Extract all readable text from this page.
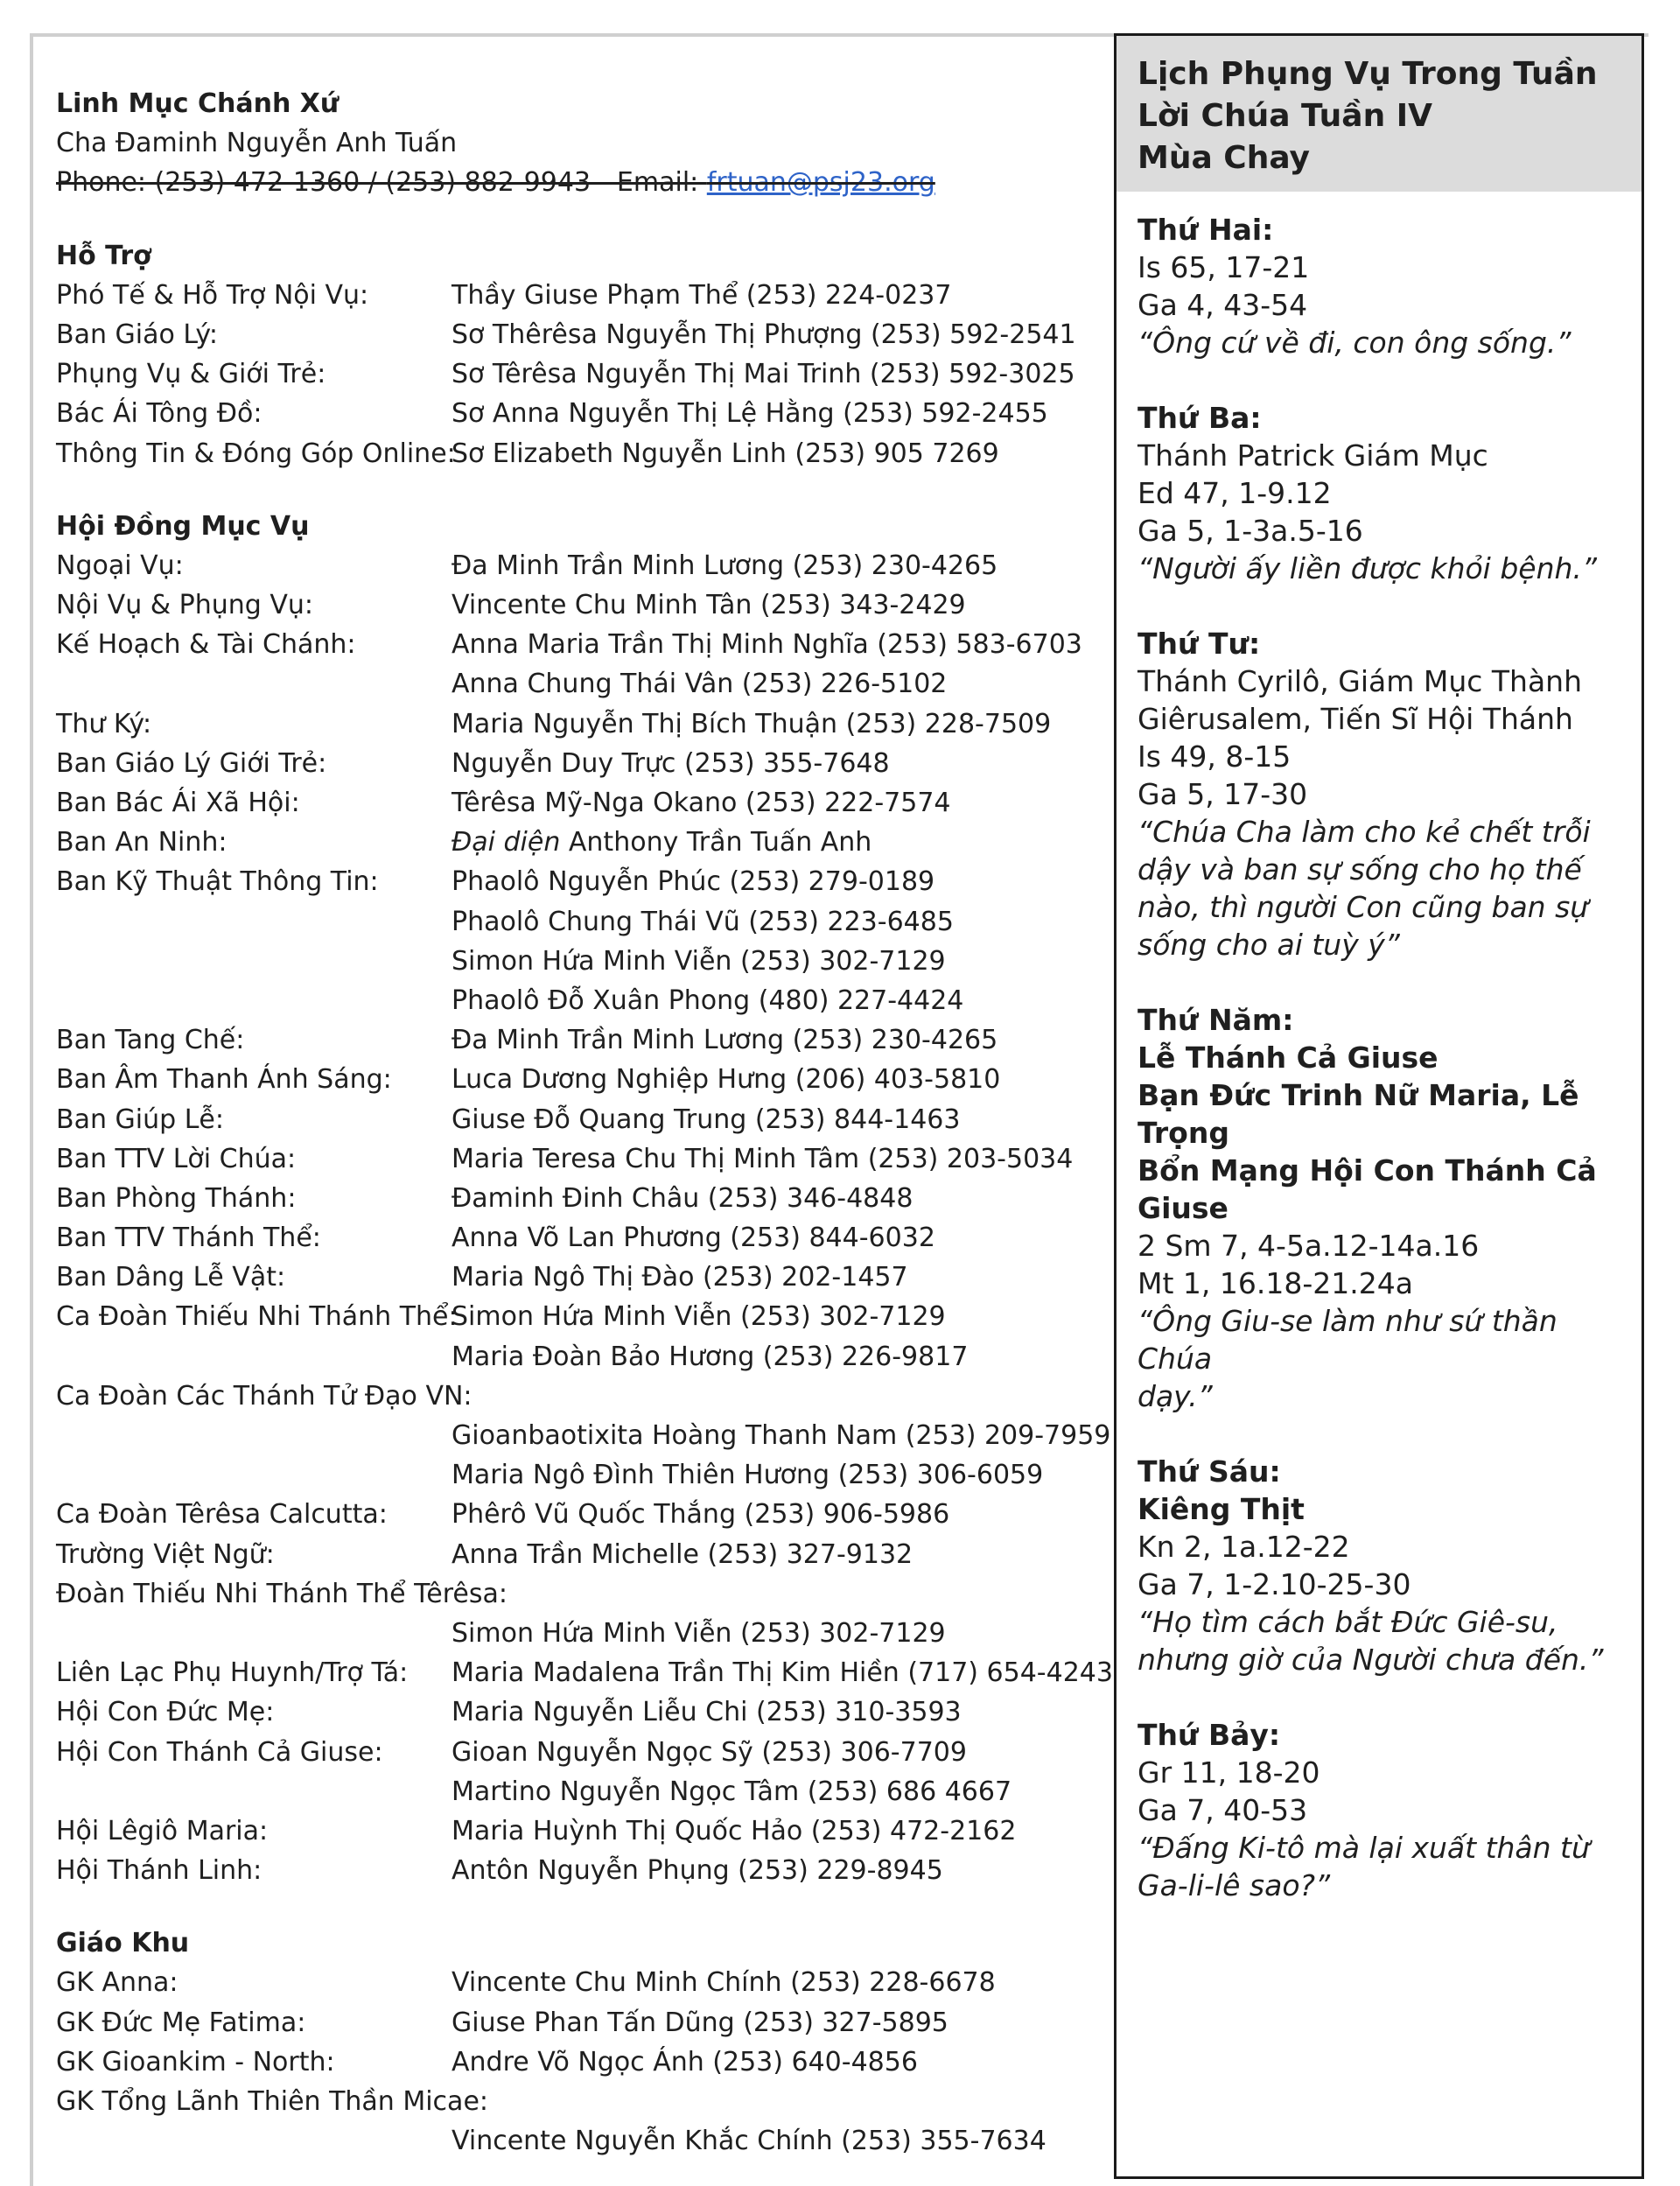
Linh Mục Chánh Xứ
Cha Đaminh Nguyễn Anh Tuấn
Phone: (253) 472-1360 / (253) 882-9943 - Email: frtuan@psj23.org
Hỗ Trợ
Phó Tế & Hỗ Trợ Nội Vụ:	Thầy Giuse Phạm Thể (253) 224-0237
Ban Giáo Lý:	Sơ Thêrêsa Nguyễn Thị Phượng (253) 592-2541
Phụng Vụ & Giới Trẻ:	Sơ Têrêsa Nguyễn Thị Mai Trinh (253) 592-3025
Bác Ái Tông Đồ:	Sơ Anna Nguyễn Thị Lệ Hằng (253) 592-2455
Thông Tin & Đóng Góp Online:
Sơ Elizabeth Nguyễn Linh (253) 905 7269
Hội Đồng Mục Vụ
Ngoại Vụ:	Đa Minh Trần Minh Lương (253) 230-4265
Nội Vụ & Phụng Vụ:	Vincente Chu Minh Tân (253) 343-2429
Kế Hoạch & Tài Chánh:	Anna Maria Trần Thị Minh Nghĩa (253) 583-6703
Anna Chung Thái Vân (253) 226-5102
Thư Ký:	Maria Nguyễn Thị Bích Thuận (253) 228-7509
Ban Giáo Lý Giới Trẻ:	Nguyễn Duy Trực (253) 355-7648
Ban Bác Ái Xã Hội:	Têrêsa Mỹ-Nga Okano (253) 222-7574
Ban An Ninh:	Đại diện Anthony Trần Tuấn Anh
Ban Kỹ Thuật Thông Tin:	Phaolô Nguyễn Phúc (253) 279-0189
Phaolô Chung Thái Vũ (253) 223-6485
Simon Hứa Minh Viễn (253) 302-7129
Phaolô Đỗ Xuân Phong (480) 227-4424
Ban Tang Chế:	Đa Minh Trần Minh Lương (253) 230-4265
Ban Âm Thanh Ánh Sáng: Luca Dương Nghiệp Hưng (206) 403-5810
Ban Giúp Lễ:	Giuse Đỗ Quang Trung (253) 844-1463
Ban TTV Lời Chúa:	Maria Teresa Chu Thị Minh Tâm (253) 203-5034
Ban Phòng Thánh:	Đaminh Đinh Châu (253) 346-4848
Ban TTV Thánh Thể:	Anna Võ Lan Phương (253) 844-6032
Ban Dâng Lễ Vật:	Maria Ngô Thị Đào (253) 202-1457
Ca Đoàn Thiếu Nhi Thánh Thể:
Simon Hứa Minh Viễn (253) 302-7129
Maria Đoàn Bảo Hương (253) 226-9817
Ca Đoàn Các Thánh Tử Đạo VN:
Gioanbaotixita Hoàng Thanh Nam (253) 209-7959
Maria Ngô Đình Thiên Hương (253) 306-6059
Ca Đoàn Têrêsa Calcutta: Phêrô Vũ Quốc Thắng (253) 906-5986
Trường Việt Ngữ:	Anna Trần Michelle (253) 327-9132
Đoàn Thiếu Nhi Thánh Thể Têrêsa:
Simon Hứa Minh Viễn (253) 302-7129
Liên Lạc Phụ Huynh/Trợ Tá: Maria Madalena Trần Thị Kim Hiền (717) 654-4243
Hội Con Đức Mẹ:	Maria Nguyễn Liễu Chi (253) 310-3593
Hội Con Thánh Cả Giuse:	Gioan Nguyễn Ngọc Sỹ (253) 306-7709
Martino Nguyễn Ngọc Tâm (253) 686 4667
Hội Lêgiô Maria:	Maria Huỳnh Thị Quốc Hảo (253) 472-2162
Hội Thánh Linh:	Antôn Nguyễn Phụng (253) 229-8945
Giáo Khu
GK Anna:	Vincente Chu Minh Chính (253) 228-6678
GK Đức Mẹ Fatima:	Giuse Phan Tấn Dũng (253) 327-5895
GK Gioankim - North:	Andre Võ Ngọc Ánh (253) 640-4856
GK Tổng Lãnh Thiên Thần Micae:
Vincente Nguyễn Khắc Chính (253) 355-7634
Lịch Phụng Vụ Trong Tuần
Lời Chúa Tuần IV
Mùa Chay
Thứ Hai:
Is 65, 17-21
Ga 4, 43-54
“Ông cứ về đi, con ông sống.”
Thứ Ba:
Thánh Patrick Giám Mục
Ed 47, 1-9.12
Ga 5, 1-3a.5-16
“Người ấy liền được khỏi bệnh.”
Thứ Tư:
Thánh Cyrilô, Giám Mục Thành
Giêrusalem, Tiến Sĩ Hội Thánh
Is 49, 8-15
Ga 5, 17-30
“Chúa Cha làm cho kẻ chết trỗi
dậy và ban sự sống cho họ thế
nào, thì người Con cũng ban sự
sống cho ai tuỳ ý”
Thứ Năm:
Lễ Thánh Cả Giuse
Bạn Đức Trinh Nữ Maria, Lễ
Trọng
Bổn Mạng Hội Con Thánh Cả
Giuse
2 Sm 7, 4-5a.12-14a.16
Mt 1, 16.18-21.24a
“Ông Giu-se làm như sứ thần Chúa
dạy.”
Thứ Sáu:
Kiêng Thịt
Kn 2, 1a.12-22
Ga 7, 1-2.10-25-30
“Họ tìm cách bắt Đức Giê-su,
nhưng giờ của Người chưa đến.”
Thứ Bảy:
Gr 11, 18-20
Ga 7, 40-53
“Đấng Ki-tô mà lại xuất thân từ
Ga-li-lê sao?”
